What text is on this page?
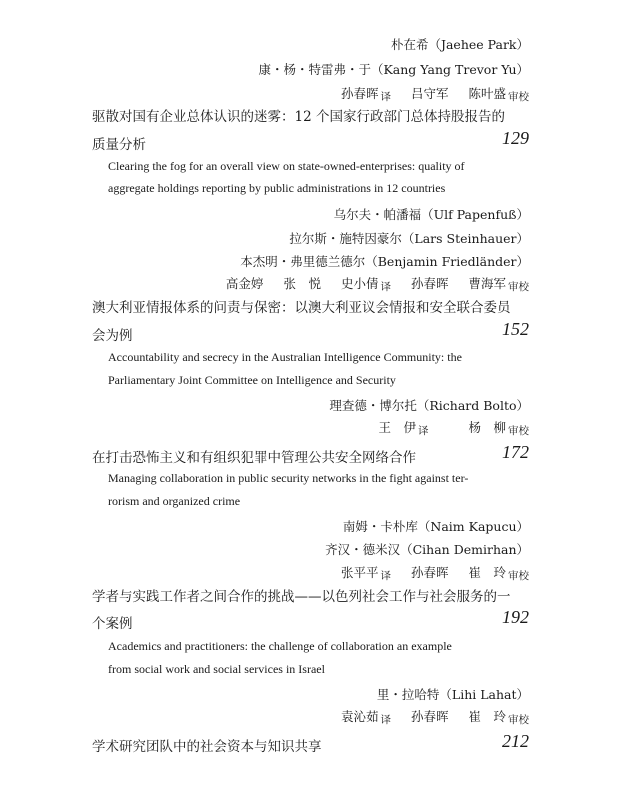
朴在希（Jaehee Park）
康・杨・特雷弗・于（Kang Yang Trevor Yu）
孙春晖 译 吕守军 陈叶盛 审校
驱散对国有企业总体认识的迷雾：12 个国家行政部门总体持股报告的
质量分析	129
Clearing the fog for an overall view on state-owned-enterprises: quality of
aggregate holdings reporting by public administrations in 12 countries
乌尔夫・帕潘福（Ulf Papenfuß）
拉尔斯・施特因豪尔（Lars Steinhauer）
本杰明・弗里德兰德尔（Benjamin Friedländer）
高金婷 张　悦 史小倩 译 孙春晖 曹海军 审校
澳大利亚情报体系的问责与保密：以澳大利亚议会情报和安全联合委员
会为例	152
Accountability and secrecy in the Australian Intelligence Community: the
Parliamentary Joint Committee on Intelligence and Security
理查德・博尔托（Richard Bolto）
王　伊 译	杨　柳 审校
在打击恐怖主义和有组织犯罪中管理公共安全网络合作	172
Managing collaboration in public security networks in the fight against ter-
rorism and organized crime
南姆・卡朴库（Naim Kapucu）
齐汉・德米汉（Cihan Demirhan）
张平平 译 孙春晖 崔　玲 审校
学者与实践工作者之间合作的挑战——以色列社会工作与社会服务的一
个案例	192
Academics and practitioners: the challenge of collaboration an example
from social work and social services in Israel
里・拉哈特（Lihi Lahat）
袁沁茹 译 孙春晖 崔　玲 审校
学术研究团队中的社会资本与知识共享	212
